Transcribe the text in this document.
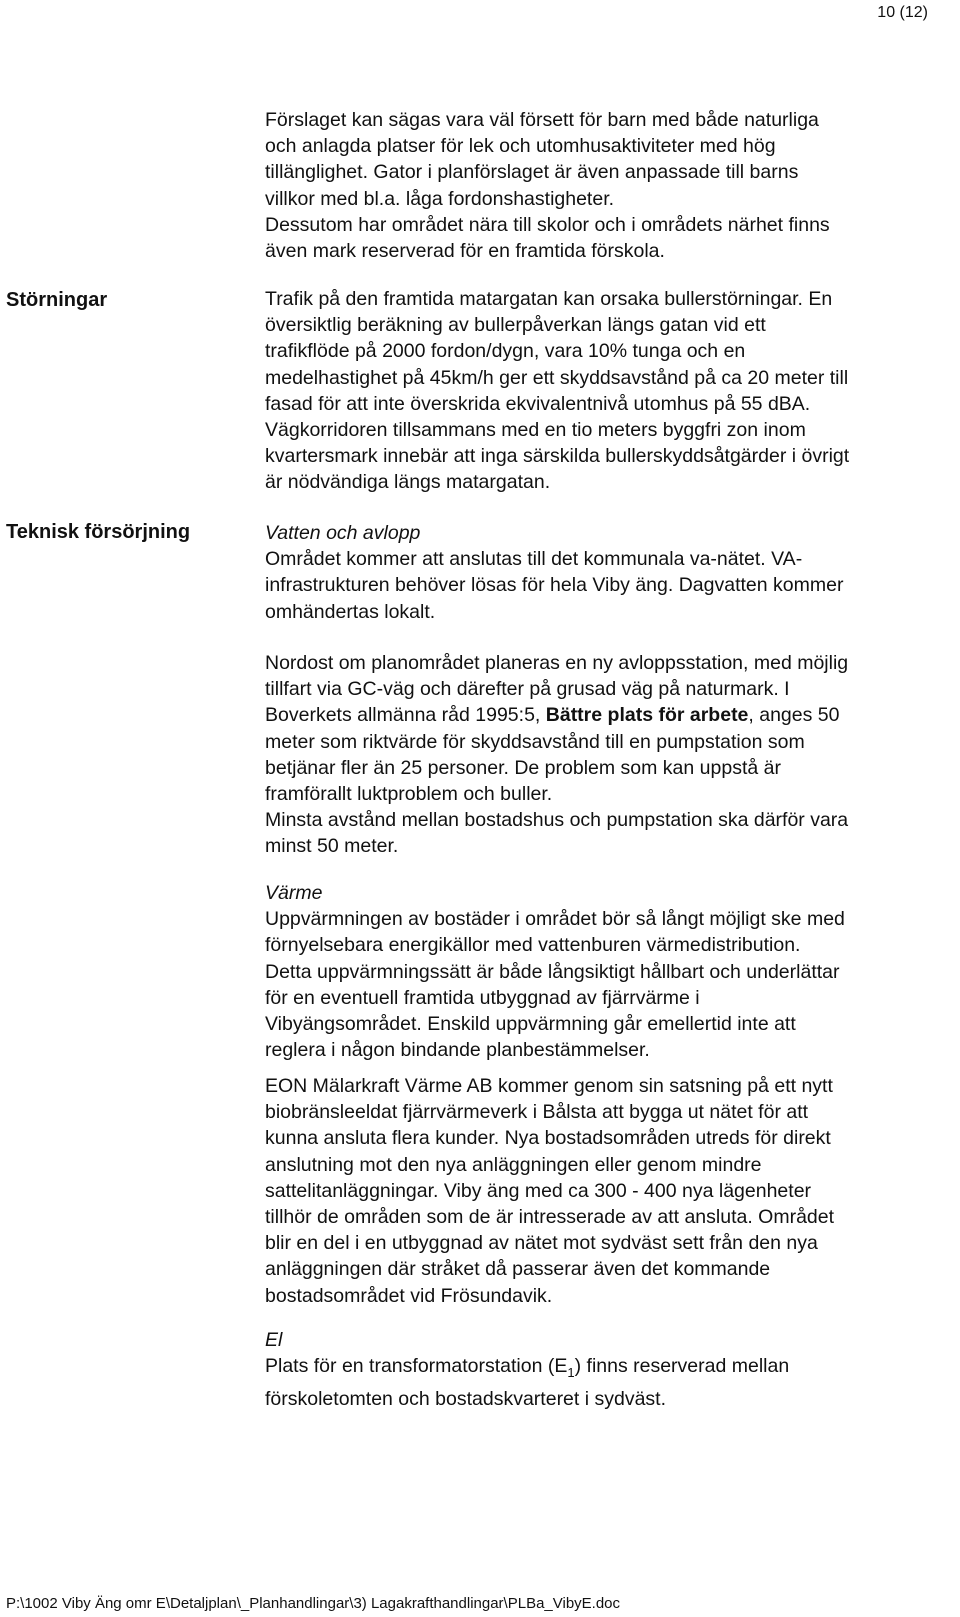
10 (12)

Förslaget kan sägas vara väl försett för barn med både naturliga

och anlagda platser för lek och utomhusaktiviteter med hög

tillänglighet. Gator i planförslaget är även anpassade till barns

villkor med bl.a. låga fordonshastigheter.

Dessutom har området nära till skolor och i områdets närhet finns

även mark reserverad för en framtida förskola.

Störningar	Trafik på den framtida matargatan kan orsaka bullerstörningar. En

översiktlig beräkning av bullerpåverkan längs gatan vid ett

trafikflöde på 2000 fordon/dygn, vara 10% tunga och en

medelhastighet på 45km/h ger ett skyddsavstånd på ca 20 meter till

fasad för att inte överskrida ekvivalentnivå utomhus på 55 dBA.

Vägkorridoren tillsammans med en tio meters byggfri zon inom

kvartersmark innebär att inga särskilda bullerskyddsåtgärder i övrigt

är nödvändiga längs matargatan.

Teknisk försörjning	Vatten och avlopp

Området kommer att anslutas till det kommunala va-nätet. VA-

infrastrukturen behöver lösas för hela Viby äng. Dagvatten kommer

omhändertas lokalt.

Nordost om planområdet planeras en ny avloppsstation, med möjlig

tillfart via GC-väg och därefter på grusad väg på naturmark. I

Boverkets allmänna råd 1995:5, Bättre plats för arbete, anges 50

meter som riktvärde för skyddsavstånd till en pumpstation som

betjänar fler än 25 personer. De problem som kan uppstå är

framförallt luktproblem och buller.

Minsta avstånd mellan bostadshus och pumpstation ska därför vara

minst 50 meter.

Värme

Uppvärmningen av bostäder i området bör så långt möjligt ske med

förnyelsebara energikällor med vattenburen värmedistribution.

Detta uppvärmningssätt är både långsiktigt hållbart och underlättar

för en eventuell framtida utbyggnad av fjärrvärme i

Vibyängsområdet. Enskild uppvärmning går emellertid inte att

reglera i någon bindande planbestämmelser.

EON Mälarkraft Värme AB kommer genom sin satsning på ett nytt

biobränsleeldat fjärrvärmeverk i Bålsta att bygga ut nätet för att

kunna ansluta flera kunder. Nya bostadsområden utreds för direkt

anslutning mot den nya anläggningen eller genom mindre

sattelitanläggningar. Viby äng med ca 300 - 400 nya lägenheter

tillhör de områden som de är intresserade av att ansluta. Området

blir en del i en utbyggnad av nätet mot sydväst sett från den nya

anläggningen där stråket då passerar även det kommande

bostadsområdet vid Frösundavik.

El

Plats för en transformatorstation $(E_1)$ finns reserverad mellan

förskoletomten och bostadskvarteret i sydväst.

P:\1002 Viby Äng omr E\Detaljplan\_Planhandlingar\3) Lagakrafthandlingar\PLBa_VibyE.doc
